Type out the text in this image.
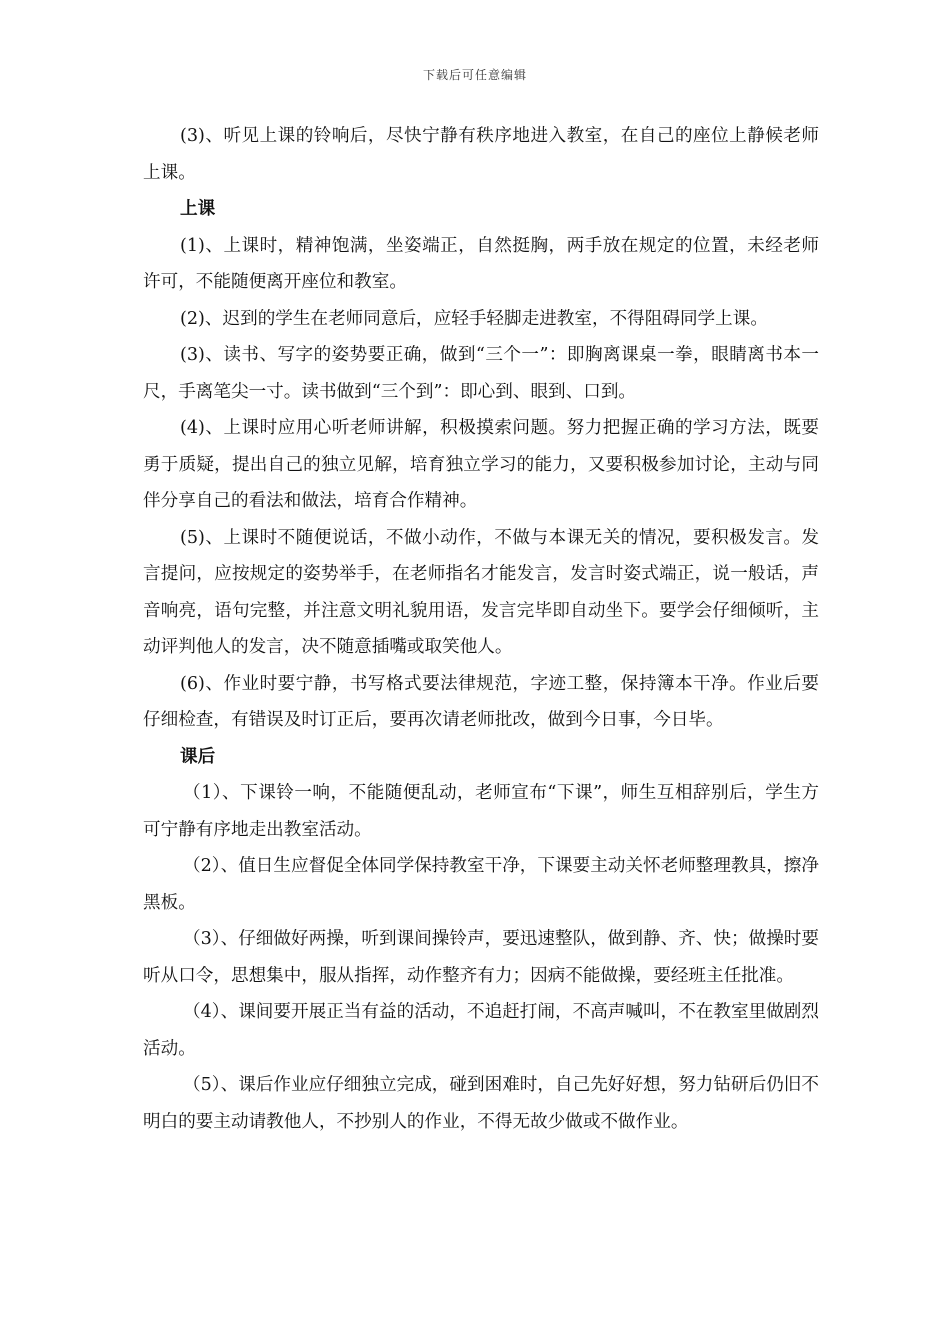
下载后可任意编辑

(3)、听见上课的铃响后，尽快宁静有秩序地进入教室，在自己的座位上静候老师上课。

上课

(1)、上课时，精神饱满，坐姿端正，自然挺胸，两手放在规定的位置，未经老师许可，不能随便离开座位和教室。

(2)、迟到的学生在老师同意后，应轻手轻脚走进教室，不得阻碍同学上课。

(3)、读书、写字的姿势要正确，做到“三个一”：即胸离课桌一拳，眼睛离书本一尺，手离笔尖一寸。读书做到“三个到”：即心到、眼到、口到。

(4)、上课时应用心听老师讲解，积极摸索问题。努力把握正确的学习方法，既要勇于质疑，提出自己的独立见解，培育独立学习的能力，又要积极参加讨论，主动与同伴分享自己的看法和做法，培育合作精神。

(5)、上课时不随便说话，不做小动作，不做与本课无关的情况，要积极发言。发言提问，应按规定的姿势举手，在老师指名才能发言，发言时姿式端正，说一般话，声音响亮，语句完整，并注意文明礼貌用语，发言完毕即自动坐下。要学会仔细倾听，主动评判他人的发言，决不随意插嘴或取笑他人。

(6)、作业时要宁静，书写格式要法律规范，字迹工整，保持簿本干净。作业后要仔细检查，有错误及时订正后，要再次请老师批改，做到今日事，今日毕。

课后

（1）、下课铃一响，不能随便乱动，老师宣布“下课”，师生互相辞别后，学生方可宁静有序地走出教室活动。

（2）、值日生应督促全体同学保持教室干净，下课要主动关怀老师整理教具，擦净黑板。

（3）、仔细做好两操，听到课间操铃声，要迅速整队，做到静、齐、快；做操时要听从口令，思想集中，服从指挥，动作整齐有力；因病不能做操，要经班主任批准。

（4）、课间要开展正当有益的活动，不追赶打闹，不高声喊叫，不在教室里做剧烈活动。

（5）、课后作业应仔细独立完成，碰到困难时，自己先好好想，努力钻研后仍旧不明白的要主动请教他人，不抄别人的作业，不得无故少做或不做作业。
